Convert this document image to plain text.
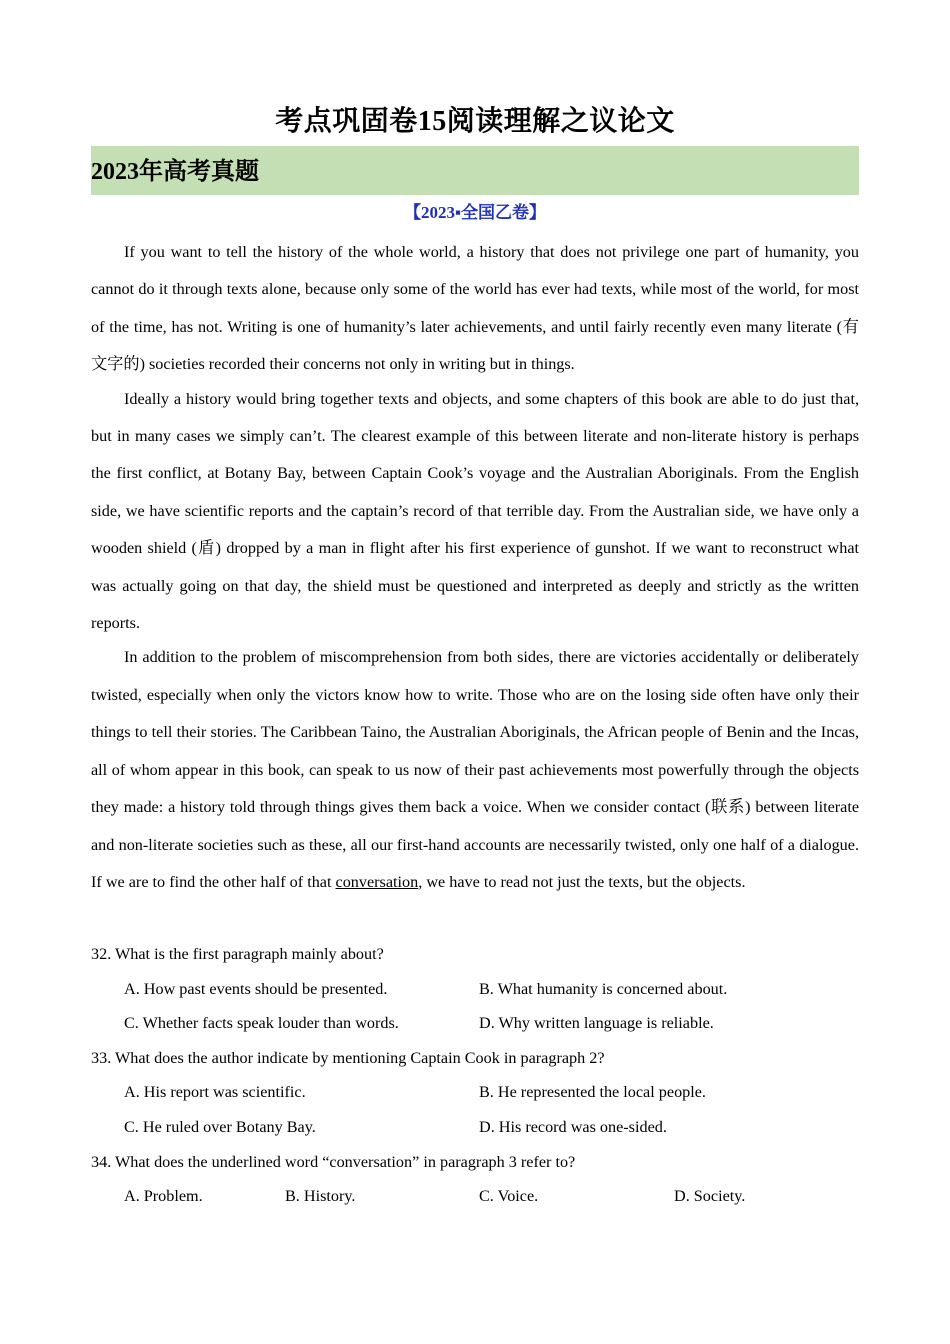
考点巩固卷15阅读理解之议论文
2023年高考真题
【2023▪全国乙卷】

If you want to tell the history of the whole world, a history that does not privilege one part of humanity, you cannot do it through texts alone, because only some of the world has ever had texts, while most of the world, for most of the time, has not. Writing is one of humanity’s later achievements, and until fairly recently even many literate (有文字的) societies recorded their concerns not only in writing but in things.

Ideally a history would bring together texts and objects, and some chapters of this book are able to do just that, but in many cases we simply can’t. The clearest example of this between literate and non-literate history is perhaps the first conflict, at Botany Bay, between Captain Cook’s voyage and the Australian Aboriginals. From the English side, we have scientific reports and the captain’s record of that terrible day. From the Australian side, we have only a wooden shield (盾) dropped by a man in flight after his first experience of gunshot. If we want to reconstruct what was actually going on that day, the shield must be questioned and interpreted as deeply and strictly as the written reports.

In addition to the problem of miscomprehension from both sides, there are victories accidentally or deliberately twisted, especially when only the victors know how to write. Those who are on the losing side often have only their things to tell their stories. The Caribbean Taino, the Australian Aboriginals, the African people of Benin and the Incas, all of whom appear in this book, can speak to us now of their past achievements most powerfully through the objects they made: a history told through things gives them back a voice. When we consider contact (联系) between literate and non-literate societies such as these, all our first-hand accounts are necessarily twisted, only one half of a dialogue. If we are to find the other half of that conversation, we have to read not just the texts, but the objects.

32. What is the first paragraph mainly about?
A. How past events should be presented.	B. What humanity is concerned about.
C. Whether facts speak louder than words.	D. Why written language is reliable.
33. What does the author indicate by mentioning Captain Cook in paragraph 2?
A. His report was scientific.	B. He represented the local people.
C. He ruled over Botany Bay.	D. His record was one-sided.
34. What does the underlined word “conversation” in paragraph 3 refer to?
A. Problem.	B. History.	C. Voice.	D. Society.
